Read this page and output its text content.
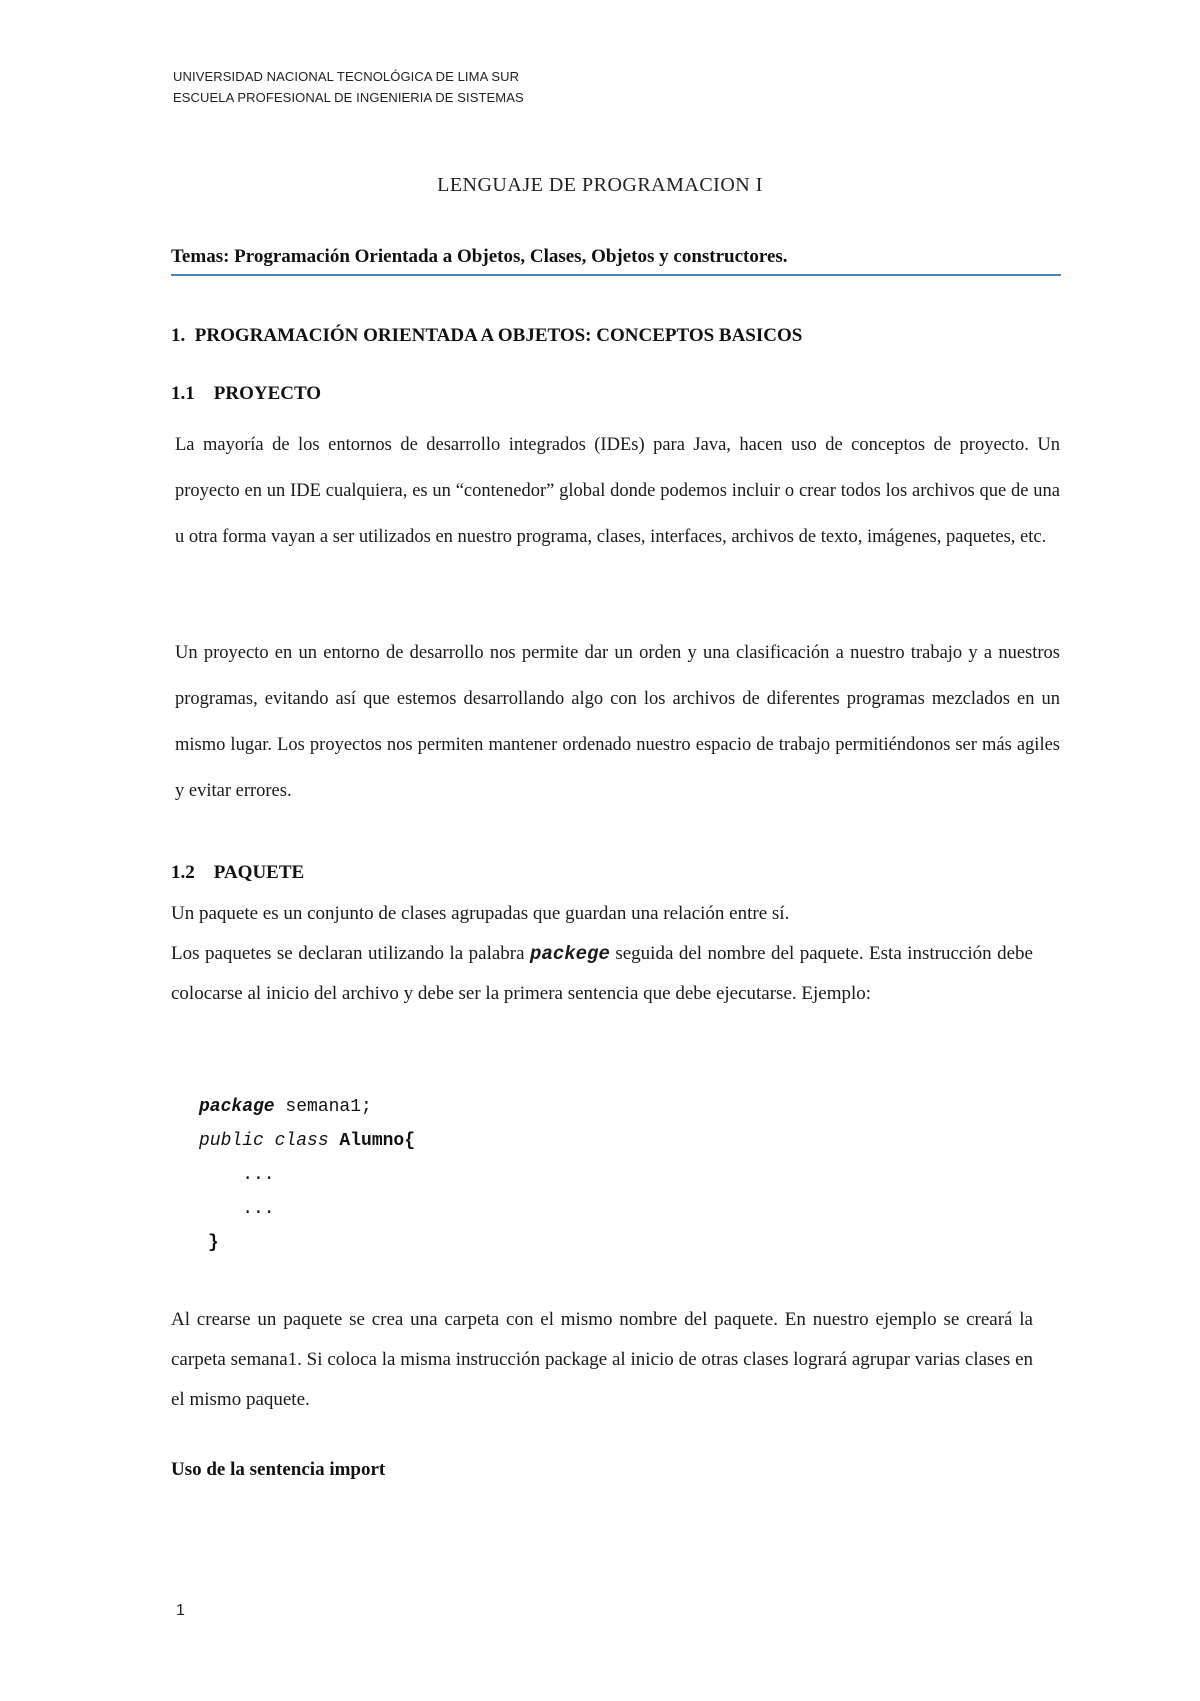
UNIVERSIDAD NACIONAL TECNOLÓGICA DE LIMA SUR
ESCUELA PROFESIONAL DE INGENIERIA DE SISTEMAS
LENGUAJE DE PROGRAMACION I
Temas: Programación Orientada a Objetos, Clases, Objetos y constructores.
1. PROGRAMACIÓN ORIENTADA A OBJETOS: CONCEPTOS BASICOS
1.1 PROYECTO
La mayoría de los entornos de desarrollo integrados (IDEs) para Java, hacen uso de conceptos de proyecto. Un proyecto en un IDE cualquiera, es un “contenedor” global donde podemos incluir o crear todos los archivos que de una u otra forma vayan a ser utilizados en nuestro programa, clases, interfaces, archivos de texto, imágenes, paquetes, etc.
Un proyecto en un entorno de desarrollo nos permite dar un orden y una clasificación a nuestro trabajo y a nuestros programas, evitando así que estemos desarrollando algo con los archivos de diferentes programas mezclados en un mismo lugar. Los proyectos nos permiten mantener ordenado nuestro espacio de trabajo permitiéndonos ser más agiles y evitar errores.
1.2 PAQUETE
Un paquete es un conjunto de clases agrupadas que guardan una relación entre sí.
Los paquetes se declaran utilizando la palabra packege seguida del nombre del paquete. Esta instrucción debe colocarse al inicio del archivo y debe ser la primera sentencia que debe ejecutarse. Ejemplo:
package semana1;
public class Alumno{
...
...
}
Al crearse un paquete se crea una carpeta con el mismo nombre del paquete. En nuestro ejemplo se creará la carpeta semana1. Si coloca la misma instrucción package al inicio de otras clases logrará agrupar varias clases en el mismo paquete.
Uso de la sentencia import
1
